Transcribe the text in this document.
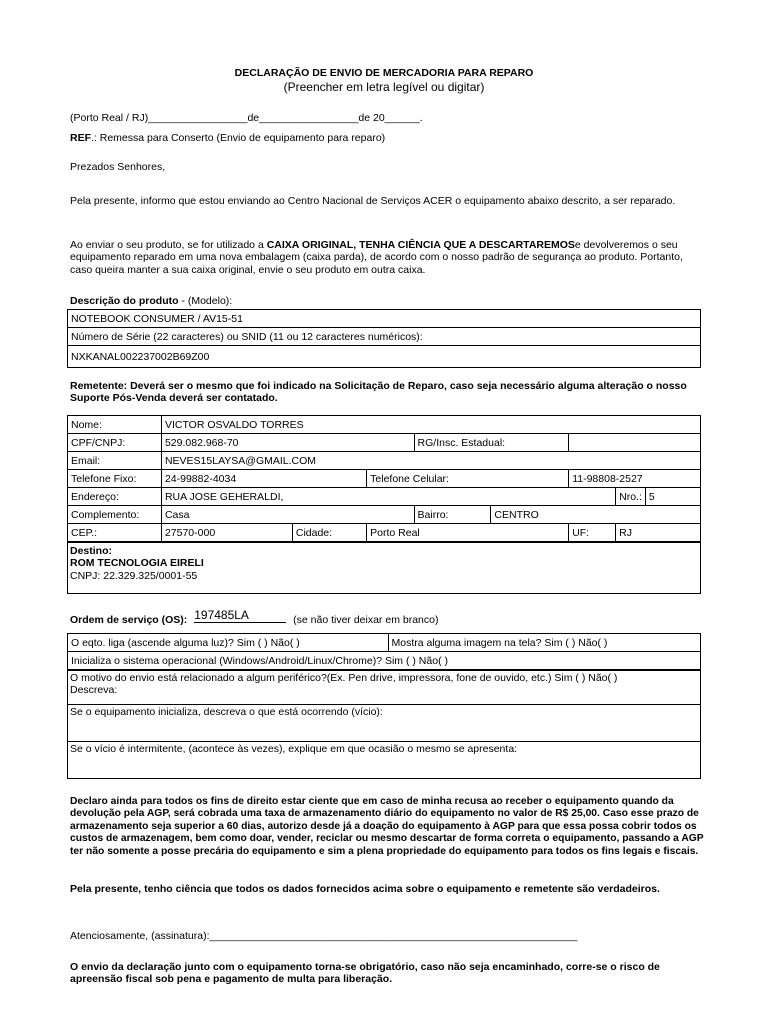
DECLARAÇÃO DE ENVIO DE MERCADORIA PARA REPARO
(Preencher em letra legível ou digitar)
(Porto Real / RJ)_________________de_________________de 20______.
REF.: Remessa para Conserto (Envio de equipamento para reparo)
Prezados Senhores,

Pela presente, informo que estou enviando ao Centro Nacional de Serviços ACER o equipamento abaixo descrito, a ser reparado.

Ao enviar o seu produto, se for utilizado a CAIXA ORIGINAL, TENHA CIÊNCIA QUE A DESCARTAREMOSe devolveremos o seu equipamento reparado em uma nova embalagem (caixa parda), de acordo com o nosso padrão de segurança ao produto. Portanto, caso queira manter a sua caixa original, envie o seu produto em outra caixa.

Descrição do produto - (Modelo):
NOTEBOOK CONSUMER / AV15-51
Número de Série (22 caracteres) ou SNID (11 ou 12 caracteres numéricos):
NXKANAL002237002B69Z00

Remetente: Deverá ser o mesmo que foi indicado na Solicitação de Reparo, caso seja necessário alguma alteração o nosso Suporte Pós-Venda deverá ser contatado.

Nome:	VICTOR OSVALDO TORRES							
CPF/CNPJ:	529.082.968-70			RG/Insc. Estadual:				
Email:	NEVES15LAYSA@GMAIL.COM							
Telefone Fixo:	24-99882-4034		Telefone Celular:			11-98808-2527		
Endereço:	RUA JOSE GEHERALDI,						Nro.:	5
Complemento:	Casa			Bairro:	CENTRO			
CEP.:	27570-000	Cidade:	Porto Real			UF:	RJ	
Destino:
ROM TECNOLOGIA EIRELI
CNPJ: 22.329.325/0001-55
Ordem de serviço (OS): 197485LA	(se não tiver deixar em branco)
O eqto. liga (ascende alguma luz)? Sim ( ) Não( )	Mostra alguma imagem na tela? Sim ( ) Não( )
Inicializa o sistema operacional (Windows/Android/Linux/Chrome)? Sim ( ) Não( )
O motivo do envio está relacionado a algum periférico?(Ex. Pen drive, impressora, fone de ouvido, etc.) Sim ( ) Não( )
Descreva:
Se o equipamento inicializa, descreva o que está ocorrendo (vício):
Se o vício é intermitente, (acontece às vezes), explique em que ocasião o mesmo se apresenta:

Declaro ainda para todos os fins de direito estar ciente que em caso de minha recusa ao receber o equipamento quando da devolução pela AGP, será cobrada uma taxa de armazenamento diário do equipamento no valor de R$ 25,00. Caso esse prazo de armazenamento seja superior a 60 dias, autorizo desde já a doação do equipamento à AGP para que essa possa cobrir todos os custos de armazenagem, bem como doar, vender, reciclar ou mesmo descartar de forma correta o equipamento, passando a AGP ter não somente a posse precária do equipamento e sim a plena propriedade do equipamento para todos os fins legais e fiscais.

Pela presente, tenho ciência que todos os dados fornecidos acima sobre o equipamento e remetente são verdadeiros.

Atenciosamente, (assinatura):_______________________________________________________________

O envio da declaração junto com o equipamento torna-se obrigatório, caso não seja encaminhado, corre-se o risco de apreensão fiscal sob pena e pagamento de multa para liberação.
